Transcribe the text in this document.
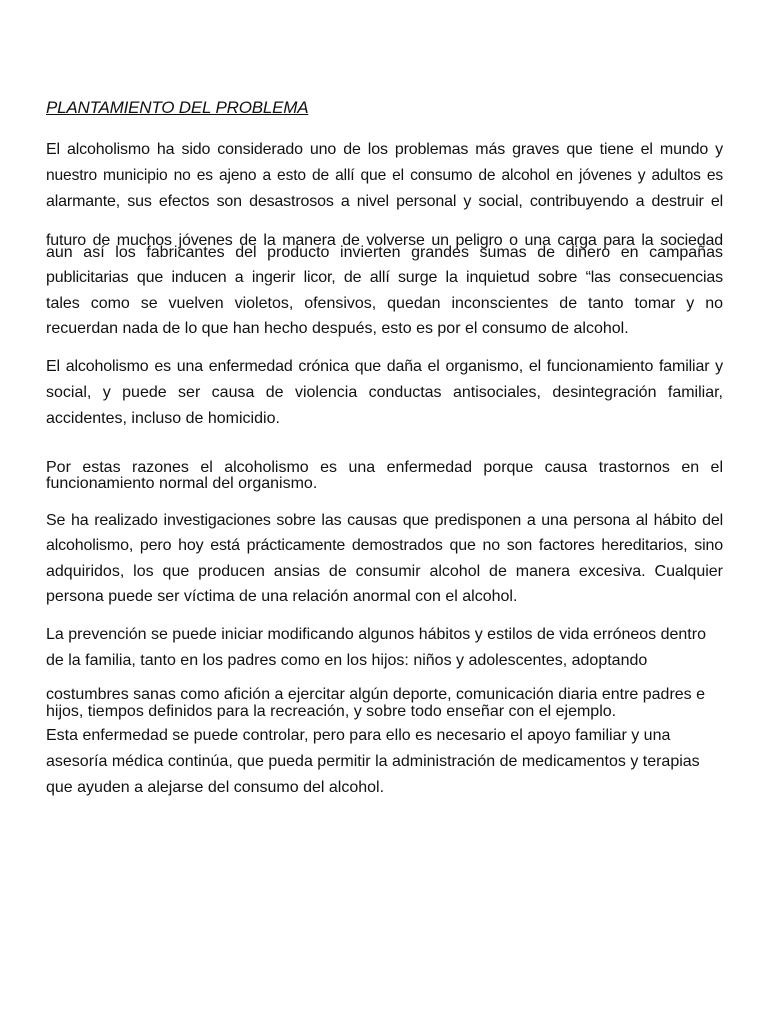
PLANTAMIENTO DEL PROBLEMA
El alcoholismo ha sido considerado uno de los problemas más graves que tiene el mundo y
nuestro municipio no es ajeno a esto de allí que el consumo de alcohol en jóvenes y adultos es
alarmante, sus efectos son desastrosos a nivel personal y social, contribuyendo a destruir el
futuro de muchos jóvenes de la manera de volverse un peligro o una carga para la sociedad
aun así los fabricantes del producto invierten grandes sumas de dinero en campañas
publicitarias que inducen a ingerir licor, de allí surge la inquietud sobre “las consecuencias
tales como se vuelven violetos, ofensivos, quedan inconscientes de tanto tomar y no
recuerdan nada de lo que han hecho después, esto es por el consumo de alcohol.
El alcoholismo es una enfermedad crónica que daña el organismo, el funcionamiento familiar y
social, y puede ser causa de violencia conductas antisociales, desintegración familiar,
accidentes, incluso de homicidio.
Por estas razones el alcoholismo es una enfermedad porque causa trastornos en el
funcionamiento normal del organismo.
Se ha realizado investigaciones sobre las causas que predisponen a una persona al hábito del
alcoholismo, pero hoy está prácticamente demostrados que no son factores hereditarios, sino
adquiridos, los que producen ansias de consumir alcohol de manera excesiva. Cualquier
persona puede ser víctima de una relación anormal con el alcohol.
La prevención se puede iniciar modificando algunos hábitos y estilos de vida erróneos dentro
de la familia, tanto en los padres como en los hijos: niños y adolescentes, adoptando
costumbres sanas como afición a ejercitar algún deporte, comunicación diaria entre padres e
hijos, tiempos definidos para la recreación, y sobre todo enseñar con el ejemplo.
Esta enfermedad se puede controlar, pero para ello es necesario el apoyo familiar y una
asesoría médica continúa, que pueda permitir la administración de medicamentos y terapias
que ayuden a alejarse del consumo del alcohol.
